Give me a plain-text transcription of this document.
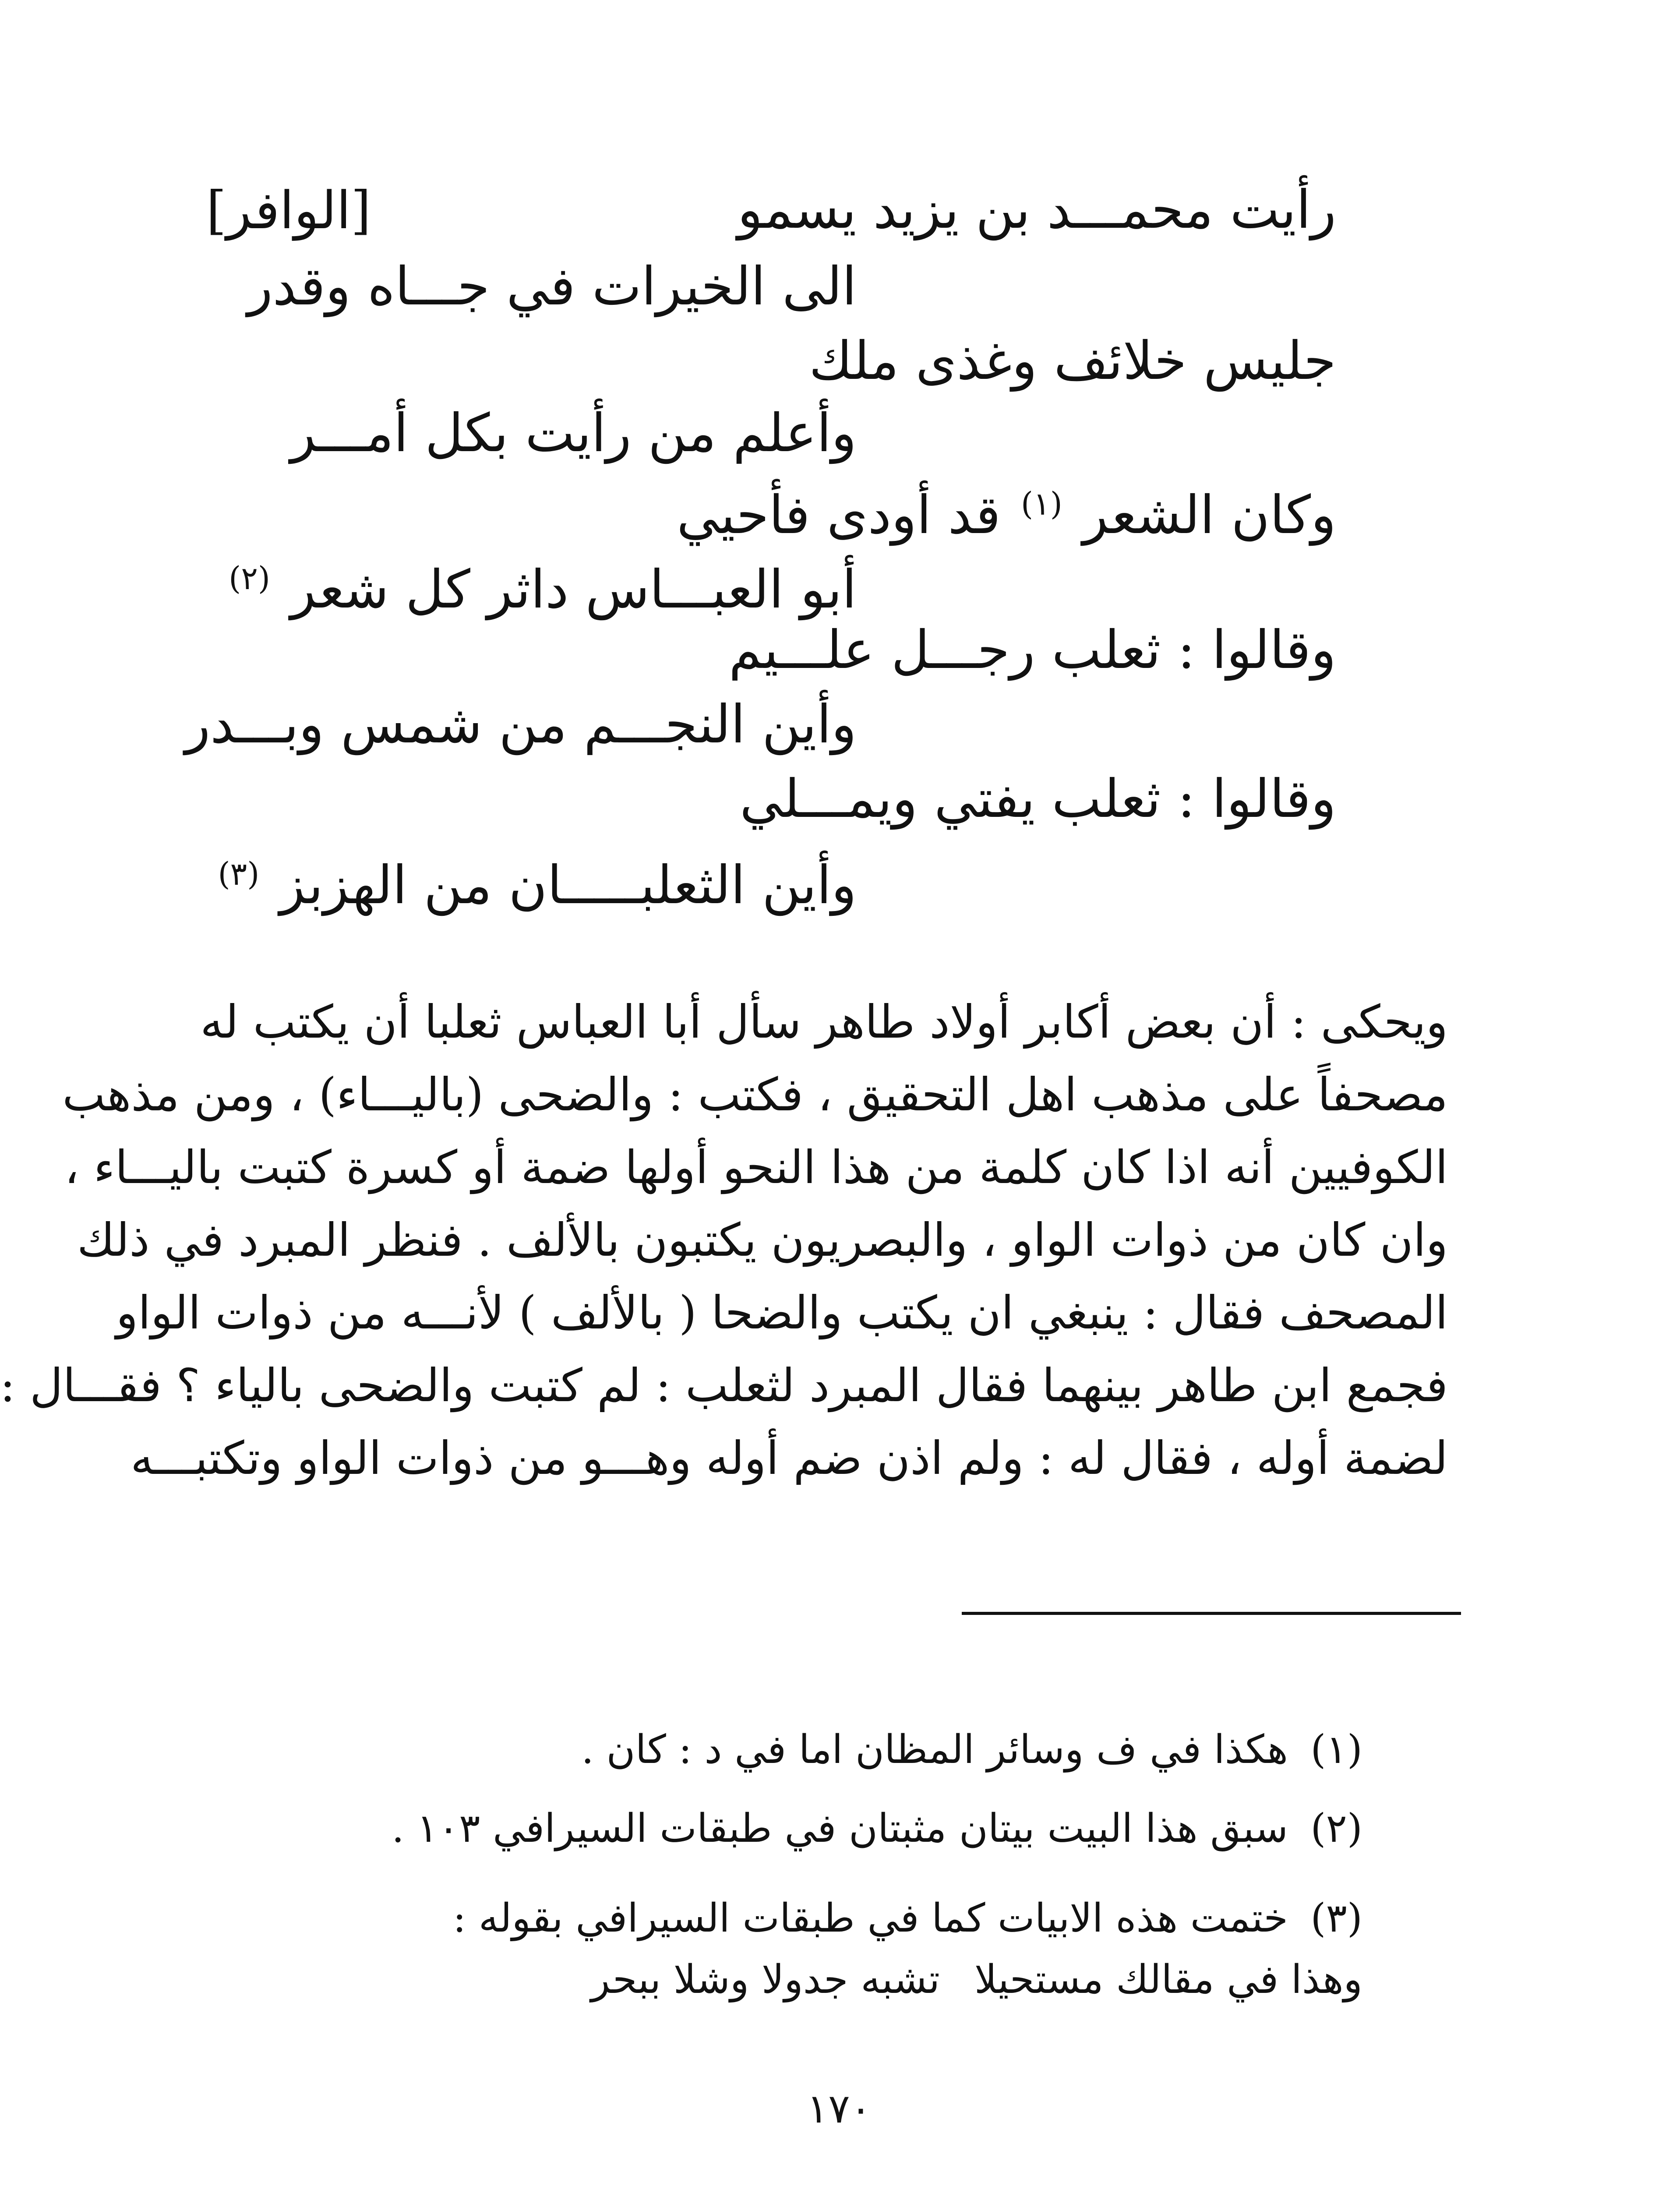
[الوافر]	رأيت محمـــد بن يزيد يسمو
الى الخيرات في جـــاه وقدر
جليس خلائف وغذى ملك
وأعلم من رأيت بكل أمـــر
وكان الشعر $^{(١)}$ قد أودى فأحيي
أبو العبـــاس داثر كل شعر $^{(٢)}$
وقالوا : ثعلب رجـــل علـــيم
وأين النجـــم من شمس وبـــدر
وقالوا : ثعلب يفتي ويمـــلي
وأين الثعلبـــــان من الهزبز $^{(٣)}$
ويحكى : أن بعض أكابر أولاد طاهر سأل أبا العباس ثعلبا أن يكتب له
مصحفاً على مذهب اهل التحقيق ، فكتب : والضحى (باليـــاء) ، ومن مذهب
الكوفيين أنه اذا كان كلمة من هذا النحو أولها ضمة أو كسرة كتبت باليـــاء ،
وان كان من ذوات الواو ، والبصريون يكتبون بالألف . فنظر المبرد في ذلك
المصحف فقال : ينبغي ان يكتب والضحا ( بالألف ) لأنـــه من ذوات الواو
فجمع ابن طاهر بينهما فقال المبرد لثعلب : لم كتبت والضحى بالياء ؟ فقـــال :
لضمة أوله ، فقال له : ولم اذن ضم أوله وهـــو من ذوات الواو وتكتبـــه
(١)هكذا في ف وسائر المظان اما في د : كان .
(٢)سبق هذا البيت بيتان مثبتان في طبقات السيرافي ١٠٣ .
(٣)ختمت هذه الابيات كما في طبقات السيرافي بقوله :
وهذا في مقالك مستحيلا
تشبه جدولا وشلا ببحر
١٧٠
